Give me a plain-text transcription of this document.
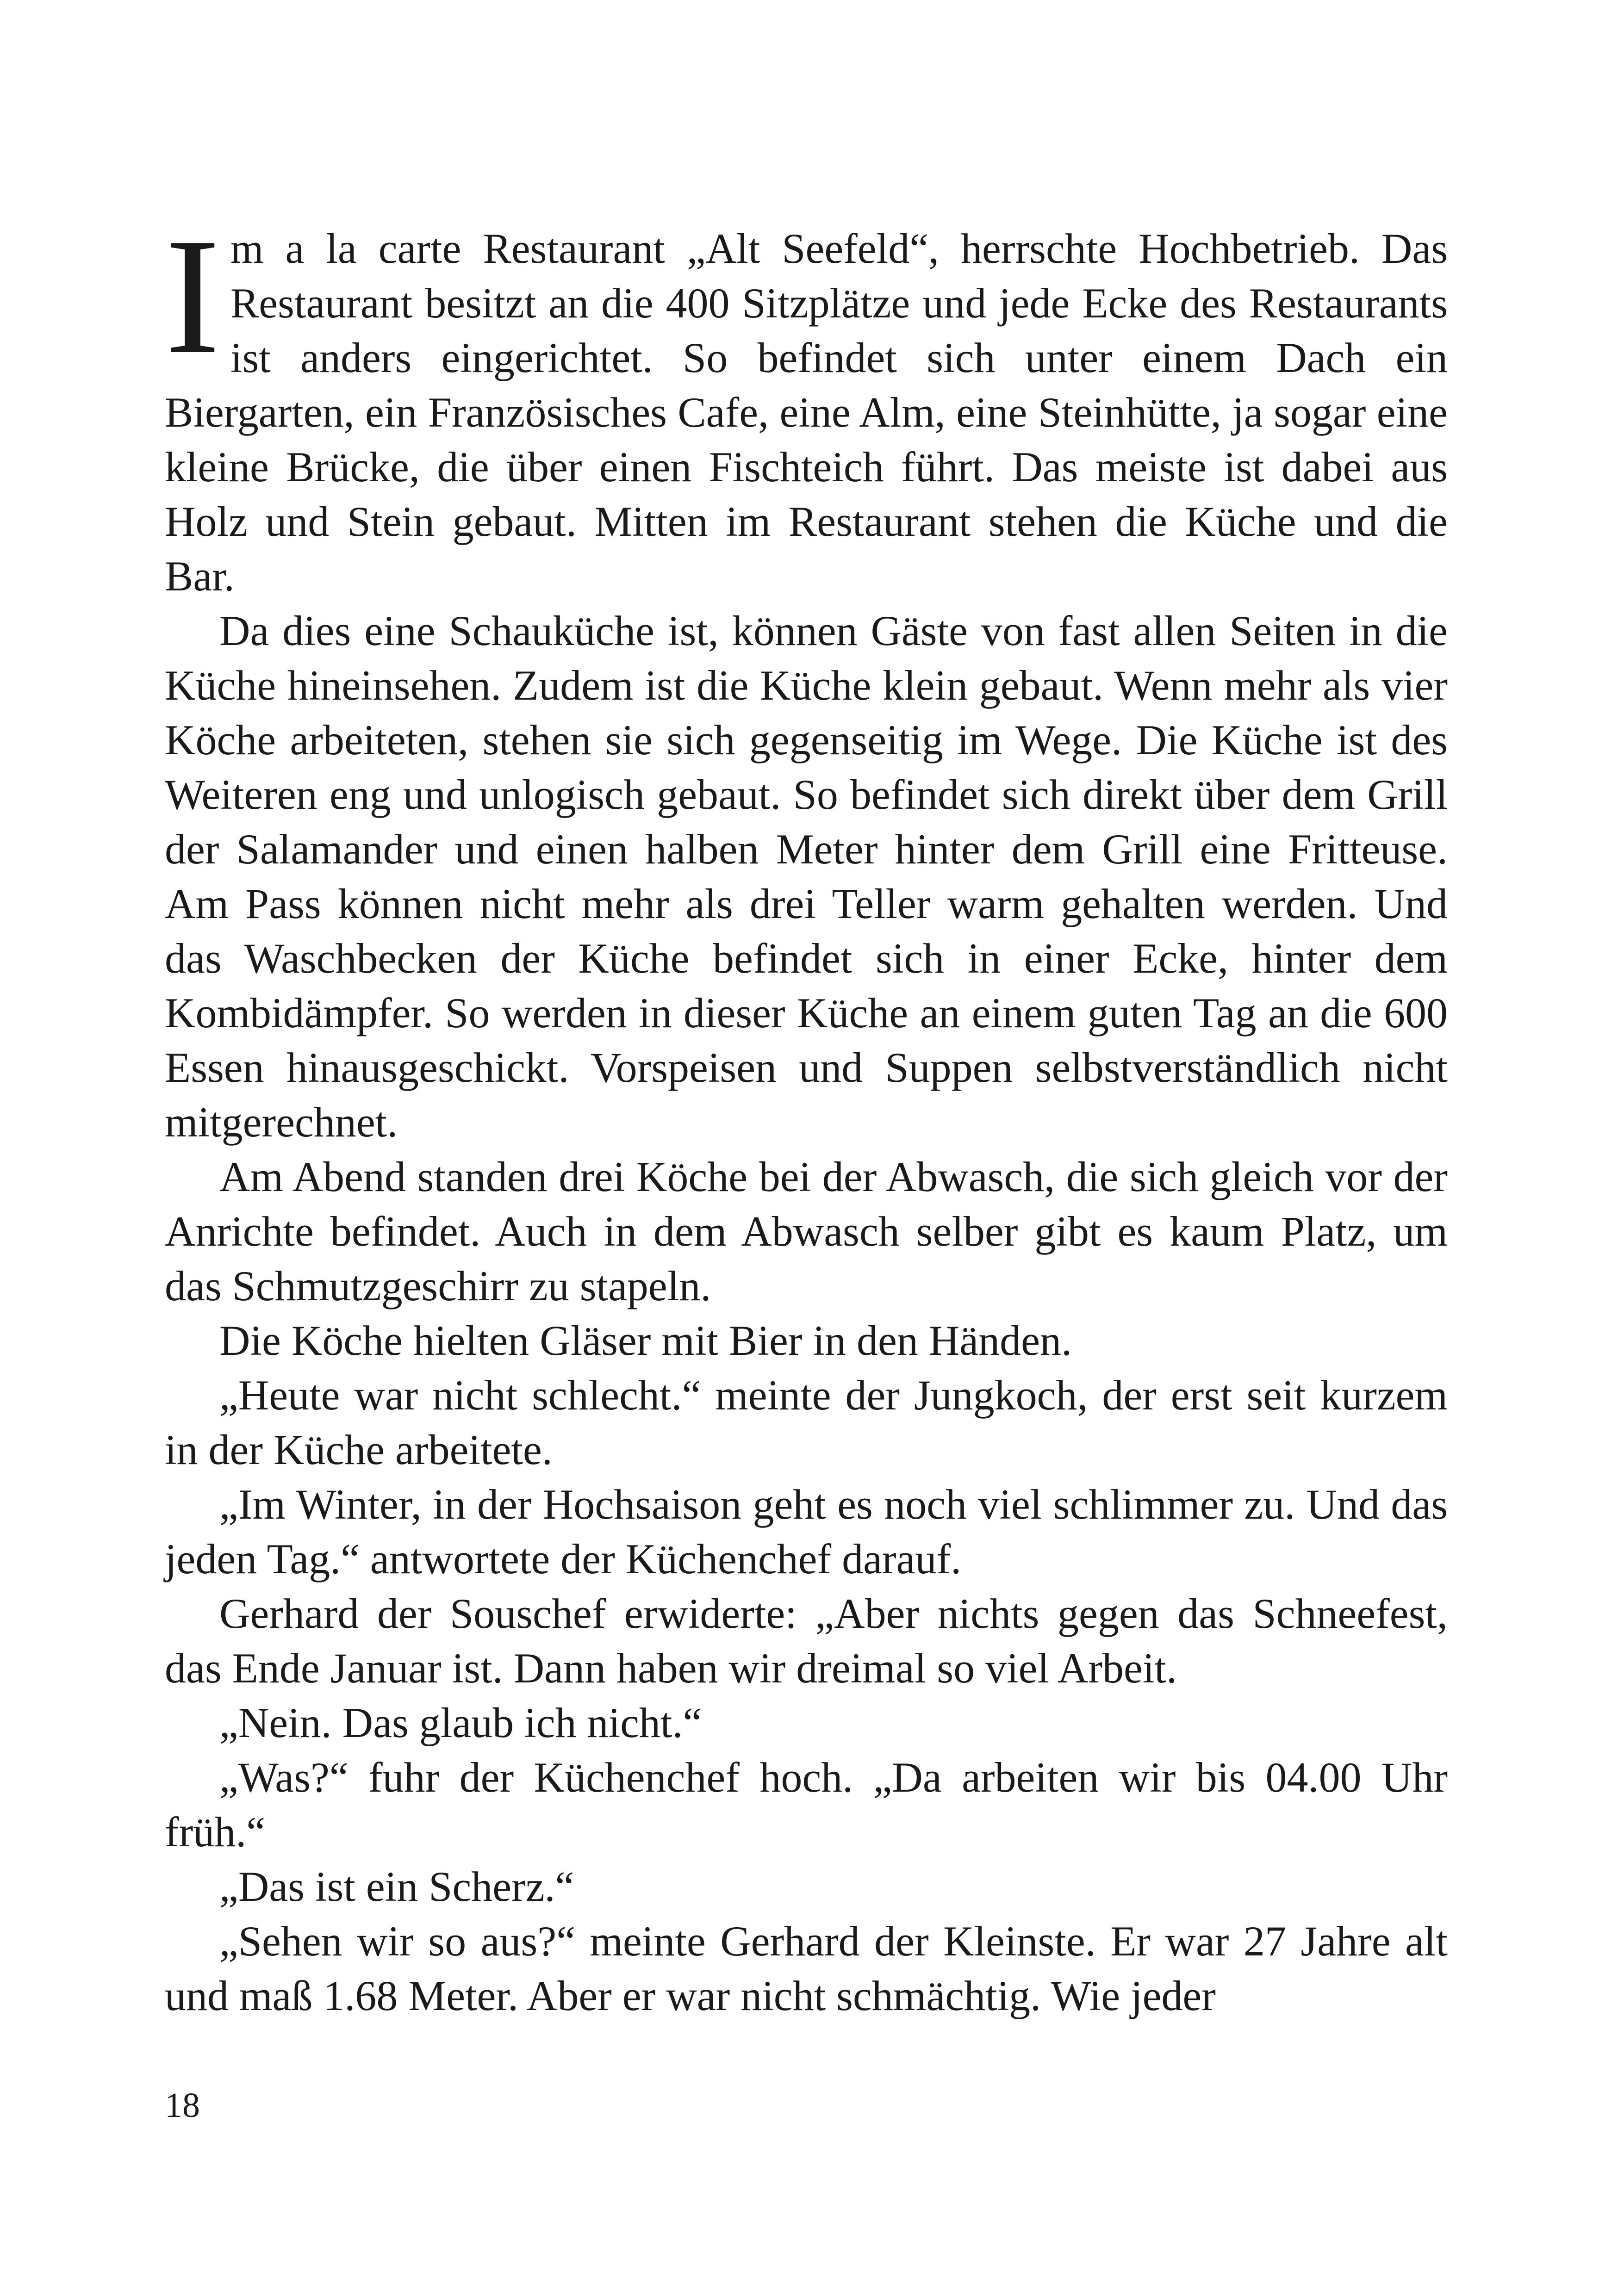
Im a la carte Restaurant „Alt Seefeld“, herrschte Hochbetrieb. Das Restaurant besitzt an die 400 Sitzplätze und jede Ecke des Restaurants ist anders eingerichtet. So befindet sich unter einem Dach ein Biergarten, ein Französisches Cafe, eine Alm, eine Steinhütte, ja sogar eine kleine Brücke, die über einen Fischteich führt. Das meiste ist dabei aus Holz und Stein gebaut. Mitten im Restaurant stehen die Küche und die Bar.

Da dies eine Schauküche ist, können Gäste von fast allen Seiten in die Küche hineinsehen. Zudem ist die Küche klein gebaut. Wenn mehr als vier Köche arbeiteten, stehen sie sich gegenseitig im Wege. Die Küche ist des Weiteren eng und unlogisch gebaut. So befindet sich direkt über dem Grill der Salamander und einen halben Meter hinter dem Grill eine Fritteuse. Am Pass können nicht mehr als drei Teller warm gehalten werden. Und das Waschbecken der Küche befindet sich in einer Ecke, hinter dem Kombidämpfer. So werden in dieser Küche an einem guten Tag an die 600 Essen hinausgeschickt. Vorspeisen und Suppen selbstverständlich nicht mitgerechnet.

Am Abend standen drei Köche bei der Abwasch, die sich gleich vor der Anrichte befindet. Auch in dem Abwasch selber gibt es kaum Platz, um das Schmutzgeschirr zu stapeln.

Die Köche hielten Gläser mit Bier in den Händen.

„Heute war nicht schlecht.“ meinte der Jungkoch, der erst seit kurzem in der Küche arbeitete.

„Im Winter, in der Hochsaison geht es noch viel schlimmer zu. Und das jeden Tag.“ antwortete der Küchenchef darauf.

Gerhard der Souschef erwiderte: „Aber nichts gegen das Schneefest, das Ende Januar ist. Dann haben wir dreimal so viel Arbeit.

„Nein. Das glaub ich nicht.“

„Was?“ fuhr der Küchenchef hoch. „Da arbeiten wir bis 04.00 Uhr früh.“

„Das ist ein Scherz.“

„Sehen wir so aus?“ meinte Gerhard der Kleinste. Er war 27 Jahre alt und maß 1.68 Meter. Aber er war nicht schmächtig. Wie jeder

18
